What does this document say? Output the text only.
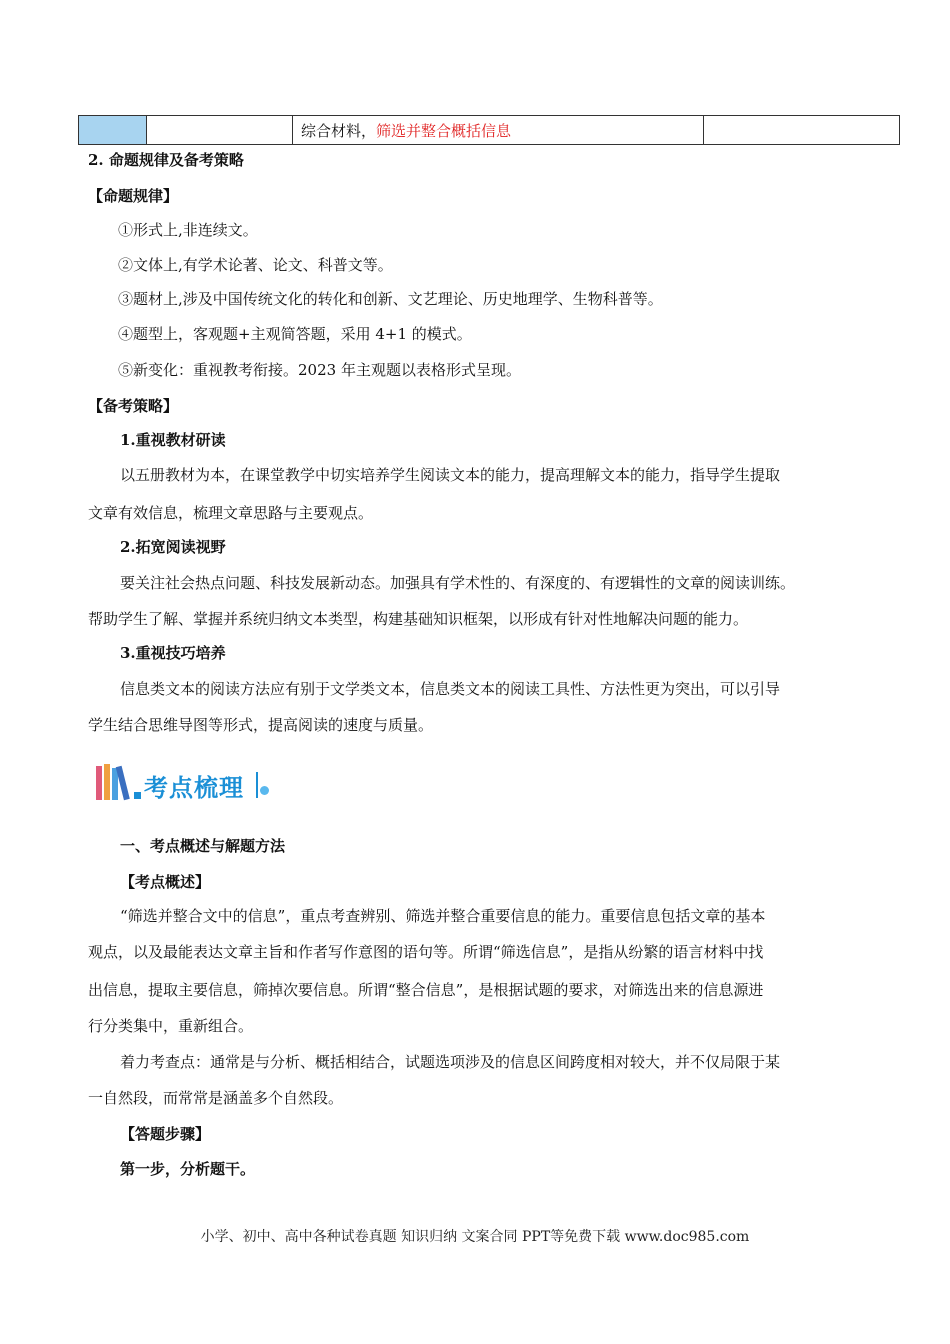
		综合材料，筛选并整合概括信息	
2. 命题规律及备考策略
【命题规律】
①形式上,非连续文。
②文体上,有学术论著、论文、科普文等。
③题材上,涉及中国传统文化的转化和创新、文艺理论、历史地理学、生物科普等。
④题型上，客观题+主观简答题，采用 4+1 的模式。
⑤新变化：重视教考衔接。2023 年主观题以表格形式呈现。
【备考策略】
1.重视教材研读
以五册教材为本，在课堂教学中切实培养学生阅读文本的能力，提高理解文本的能力，指导学生提取
文章有效信息，梳理文章思路与主要观点。
2.拓宽阅读视野
要关注社会热点问题、科技发展新动态。加强具有学术性的、有深度的、有逻辑性的文章的阅读训练。
帮助学生了解、掌握并系统归纳文本类型，构建基础知识框架，以形成有针对性地解决问题的能力。
3.重视技巧培养
信息类文本的阅读方法应有别于文学类文本，信息类文本的阅读工具性、方法性更为突出，可以引导
学生结合思维导图等形式，提高阅读的速度与质量。
考点梳理
一、考点概述与解题方法
【考点概述】
“筛选并整合文中的信息”，重点考查辨别、筛选并整合重要信息的能力。重要信息包括文章的基本
观点，以及最能表达文章主旨和作者写作意图的语句等。所谓“筛选信息”，是指从纷繁的语言材料中找
出信息，提取主要信息，筛掉次要信息。所谓“整合信息”，是根据试题的要求，对筛选出来的信息源进
行分类集中，重新组合。
着力考查点：通常是与分析、概括相结合，试题选项涉及的信息区间跨度相对较大，并不仅局限于某
一自然段，而常常是涵盖多个自然段。
【答题步骤】
第一步，分析题干。
小学、初中、高中各种试卷真题 知识归纳 文案合同 PPT等免费下载 www.doc985.com
